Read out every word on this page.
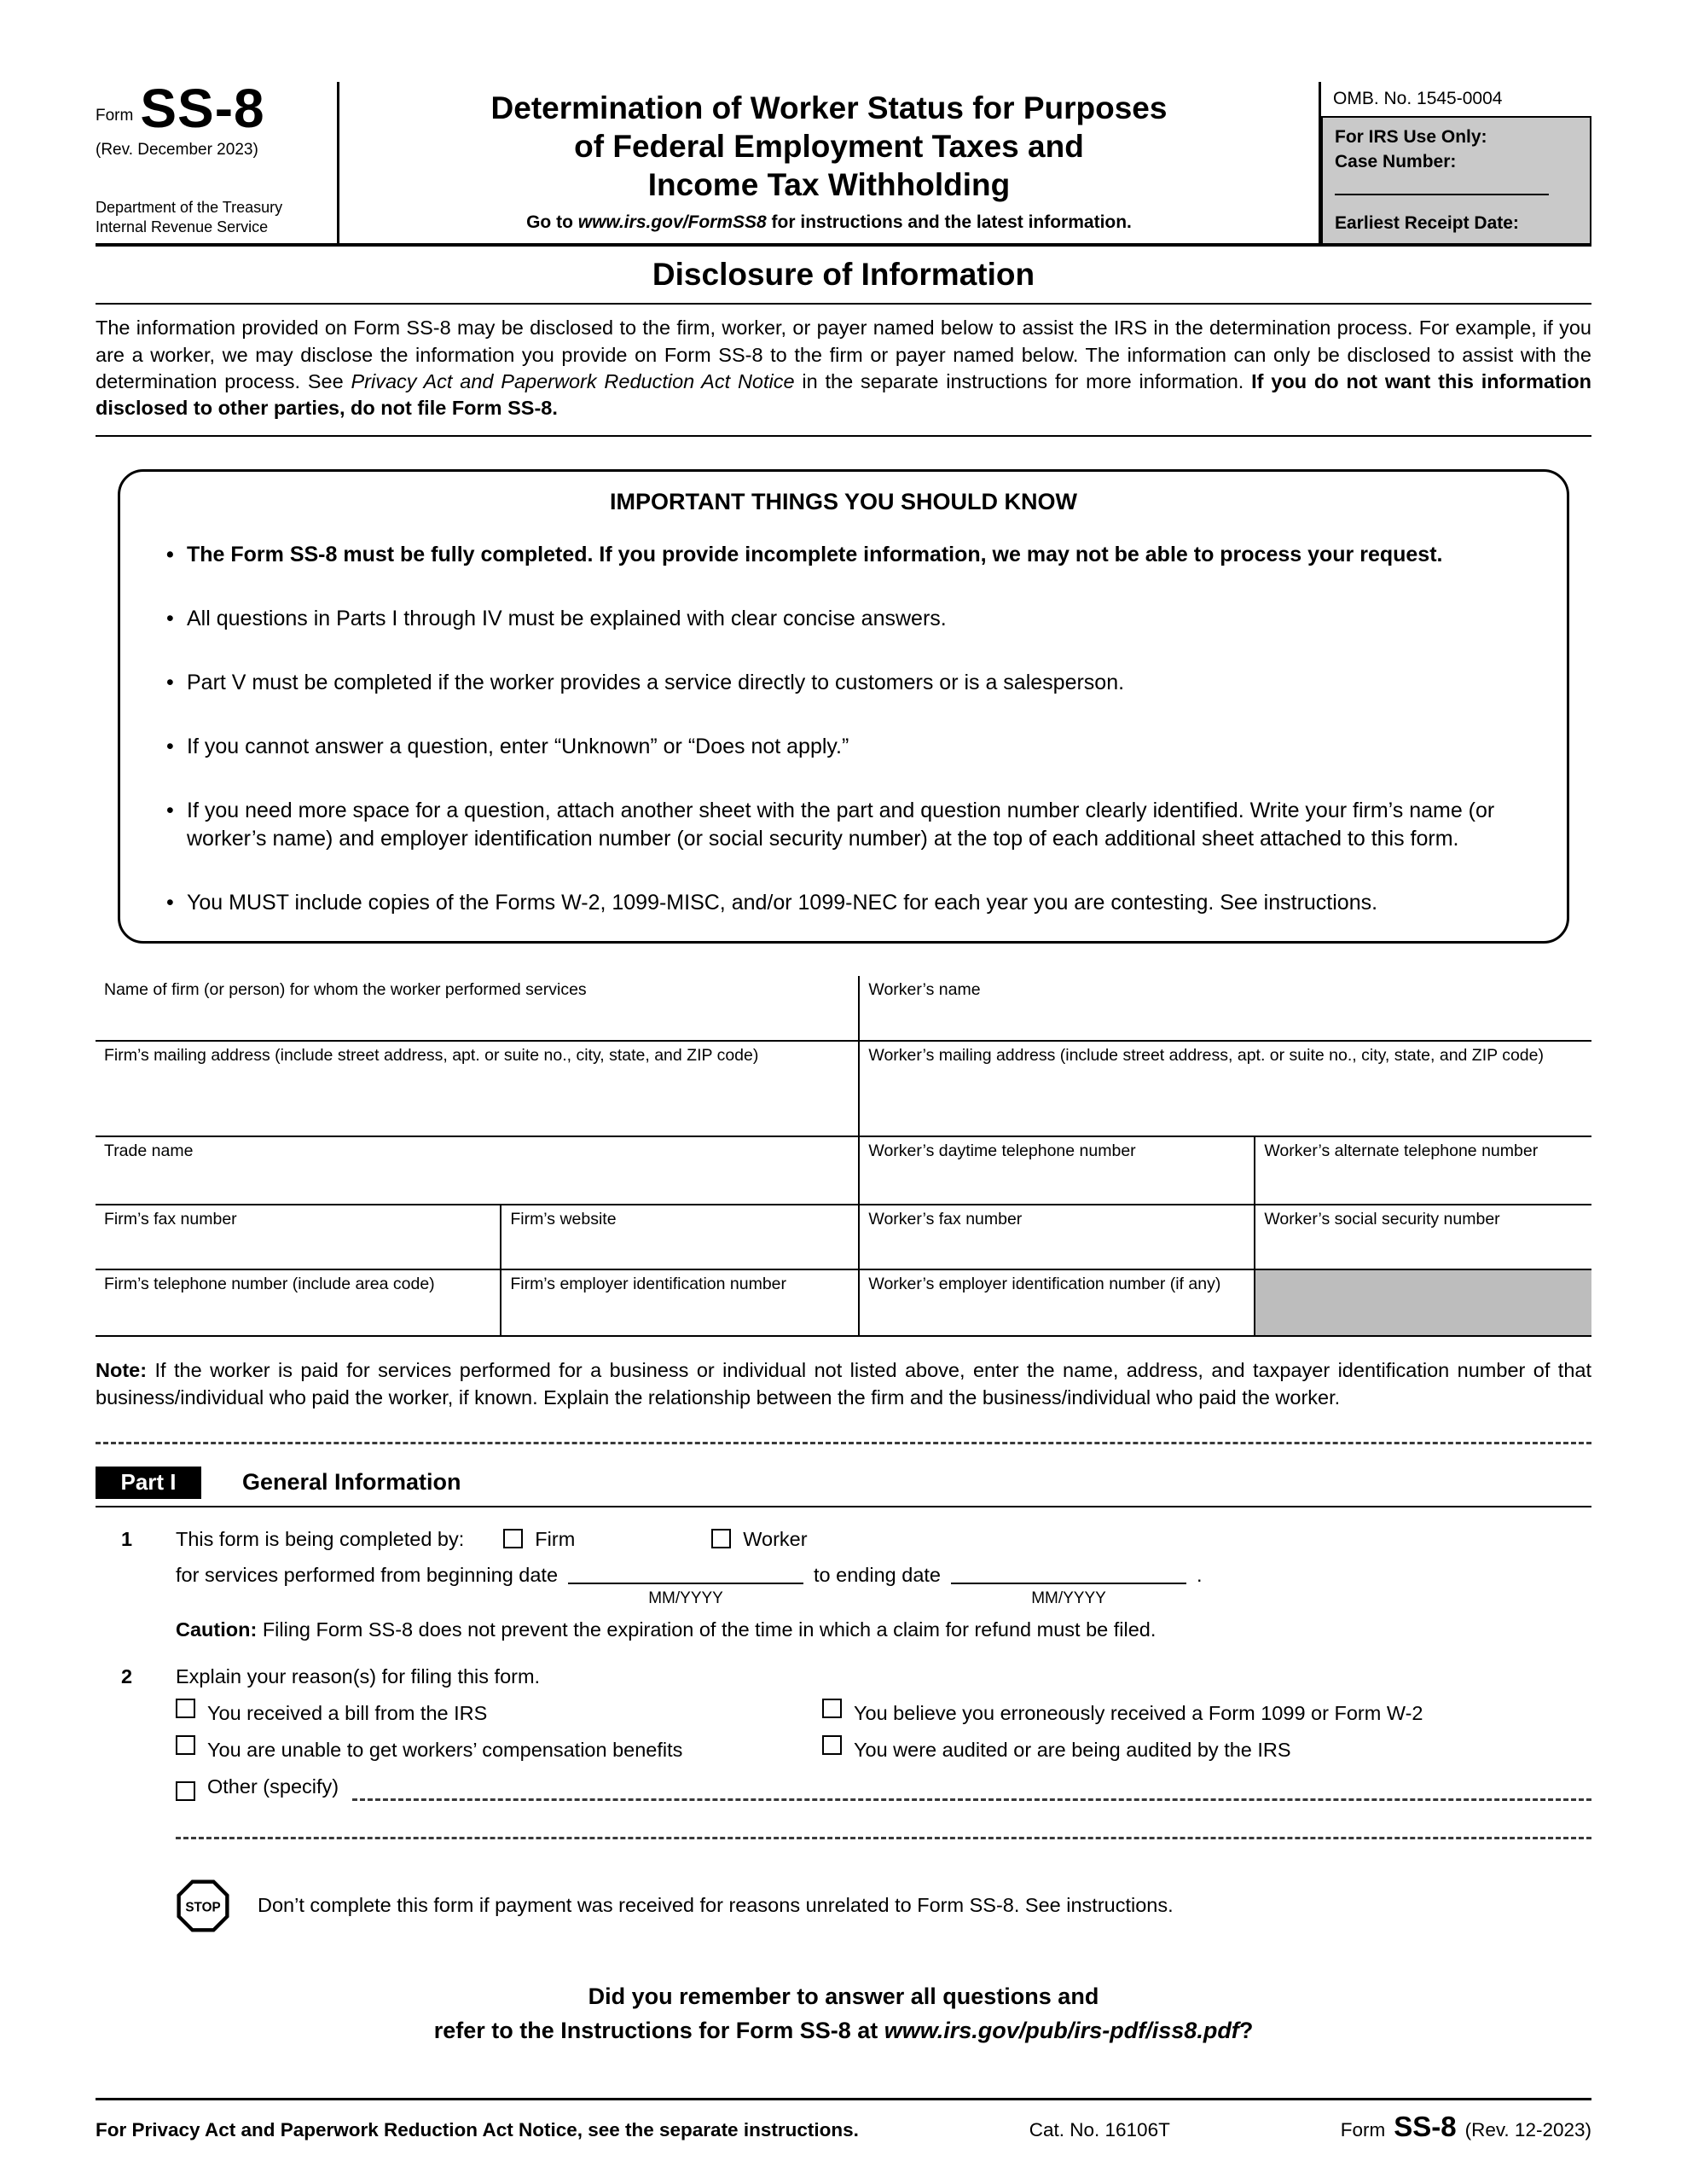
Form SS-8
(Rev. December 2023)
Department of the Treasury
Internal Revenue Service
Determination of Worker Status for Purposes
of Federal Employment Taxes and
Income Tax Withholding

Go to www.irs.gov/FormSS8 for instructions and the latest information.

OMB. No. 1545-0004
For IRS Use Only:
Case Number:
Earliest Receipt Date:
Disclosure of Information

The information provided on Form SS-8 may be disclosed to the firm, worker, or payer named below to assist the IRS in the determination process. For example, if you are a worker, we may disclose the information you provide on Form SS-8 to the firm or payer named below. The information can only be disclosed to assist with the determination process. See Privacy Act and Paperwork Reduction Act Notice in the separate instructions for more information. If you do not want this information disclosed to other parties, do not file Form SS-8.

IMPORTANT THINGS YOU SHOULD KNOW
• The Form SS-8 must be fully completed. If you provide incomplete information, we may not be able to process your request.
• All questions in Parts I through IV must be explained with clear concise answers.
• Part V must be completed if the worker provides a service directly to customers or is a salesperson.
• If you cannot answer a question, enter “Unknown” or “Does not apply.”
• If you need more space for a question, attach another sheet with the part and question number clearly identified. Write your firm’s name (or worker’s name) and employer identification number (or social security number) at the top of each additional sheet attached to this form.
• You MUST include copies of the Forms W-2, 1099-MISC, and/or 1099-NEC for each year you are contesting. See instructions.
Name of firm (or person) for whom the worker performed services		Worker’s name	
Firm’s mailing address (include street address, apt. or suite no., city, state, and ZIP code)		Worker’s mailing address (include street address, apt. or suite no., city, state, and ZIP code)	
Trade name		Worker’s daytime telephone number	Worker’s alternate telephone number
Firm’s fax number	Firm’s website	Worker’s fax number	Worker’s social security number
Firm’s telephone number (include area code)	Firm’s employer identification number	Worker’s employer identification number (if any)	

Note: If the worker is paid for services performed for a business or individual not listed above, enter the name, address, and taxpayer identification number of that business/individual who paid the worker, if known. Explain the relationship between the firm and the business/individual who paid the worker.

Part I	General Information
1	This form is being completed by:	Firm	Worker
for services performed from beginning date
MM/YYYY
to ending date
MM/YYYY
.

Caution: Filing Form SS-8 does not prevent the expiration of the time in which a claim for refund must be filed.

2	Explain your reason(s) for filing this form.
You received a bill from the IRS	You believe you erroneously received a Form 1099 or Form W-2
You are unable to get workers’ compensation benefits	You were audited or are being audited by the IRS
Other (specify)
STOP Don’t complete this form if payment was received for reasons unrelated to Form SS-8. See instructions.
Did you remember to answer all questions and
refer to the Instructions for Form SS-8 at www.irs.gov/pub/irs-pdf/iss8.pdf?
For Privacy Act and Paperwork Reduction Act Notice, see the separate instructions.	Cat. No. 16106T	Form SS-8 (Rev. 12-2023)
